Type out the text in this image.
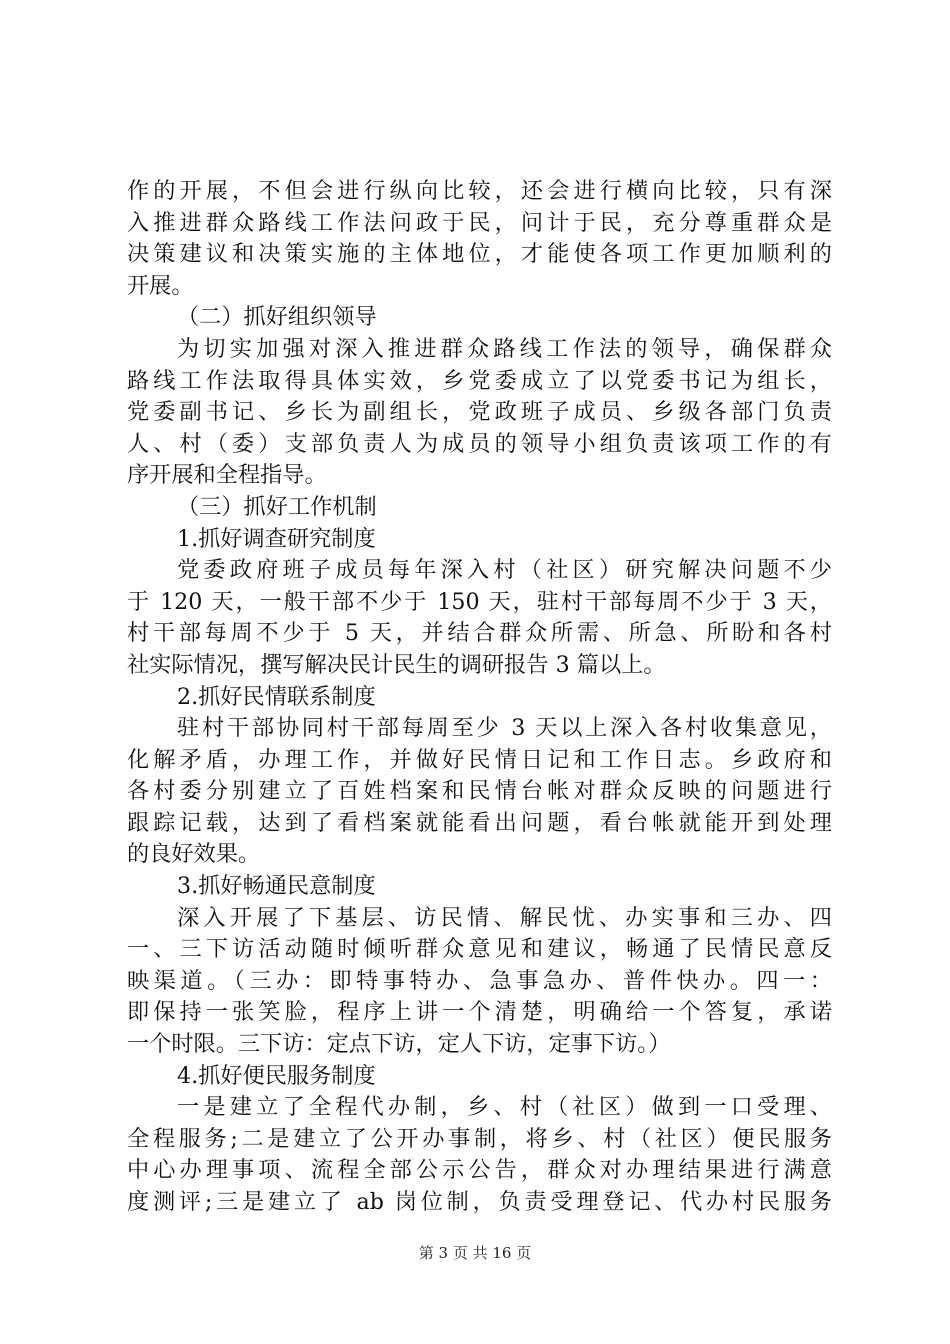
作的开展，不但会进行纵向比较，还会进行横向比较，只有深
入推进群众路线工作法问政于民，问计于民，充分尊重群众是
决策建议和决策实施的主体地位，才能使各项工作更加顺利的
开展。
（二）抓好组织领导
为切实加强对深入推进群众路线工作法的领导，确保群众
路线工作法取得具体实效，乡党委成立了以党委书记为组长，
党委副书记、乡长为副组长，党政班子成员、乡级各部门负责
人、村（委）支部负责人为成员的领导小组负责该项工作的有
序开展和全程指导。
（三）抓好工作机制
1.抓好调查研究制度
党委政府班子成员每年深入村（社区）研究解决问题不少
于 120 天，一般干部不少于 150 天，驻村干部每周不少于 3 天，
村干部每周不少于 5 天，并结合群众所需、所急、所盼和各村
社实际情况，撰写解决民计民生的调研报告 3 篇以上。
2.抓好民情联系制度
驻村干部协同村干部每周至少 3 天以上深入各村收集意见，
化解矛盾，办理工作，并做好民情日记和工作日志。乡政府和
各村委分别建立了百姓档案和民情台帐对群众反映的问题进行
跟踪记载，达到了看档案就能看出问题，看台帐就能开到处理
的良好效果。
3.抓好畅通民意制度
深入开展了下基层、访民情、解民忧、办实事和三办、四
一、三下访活动随时倾听群众意见和建议，畅通了民情民意反
映渠道。（三办：即特事特办、急事急办、普件快办。四一：
即保持一张笑脸，程序上讲一个清楚，明确给一个答复，承诺
一个时限。三下访：定点下访，定人下访，定事下访。）
4.抓好便民服务制度
一是建立了全程代办制，乡、村（社区）做到一口受理、
全程服务;二是建立了公开办事制，将乡、村（社区）便民服务
中心办理事项、流程全部公示公告，群众对办理结果进行满意
度测评;三是建立了 ab 岗位制，负责受理登记、代办村民服务
第 3 页 共 16 页
